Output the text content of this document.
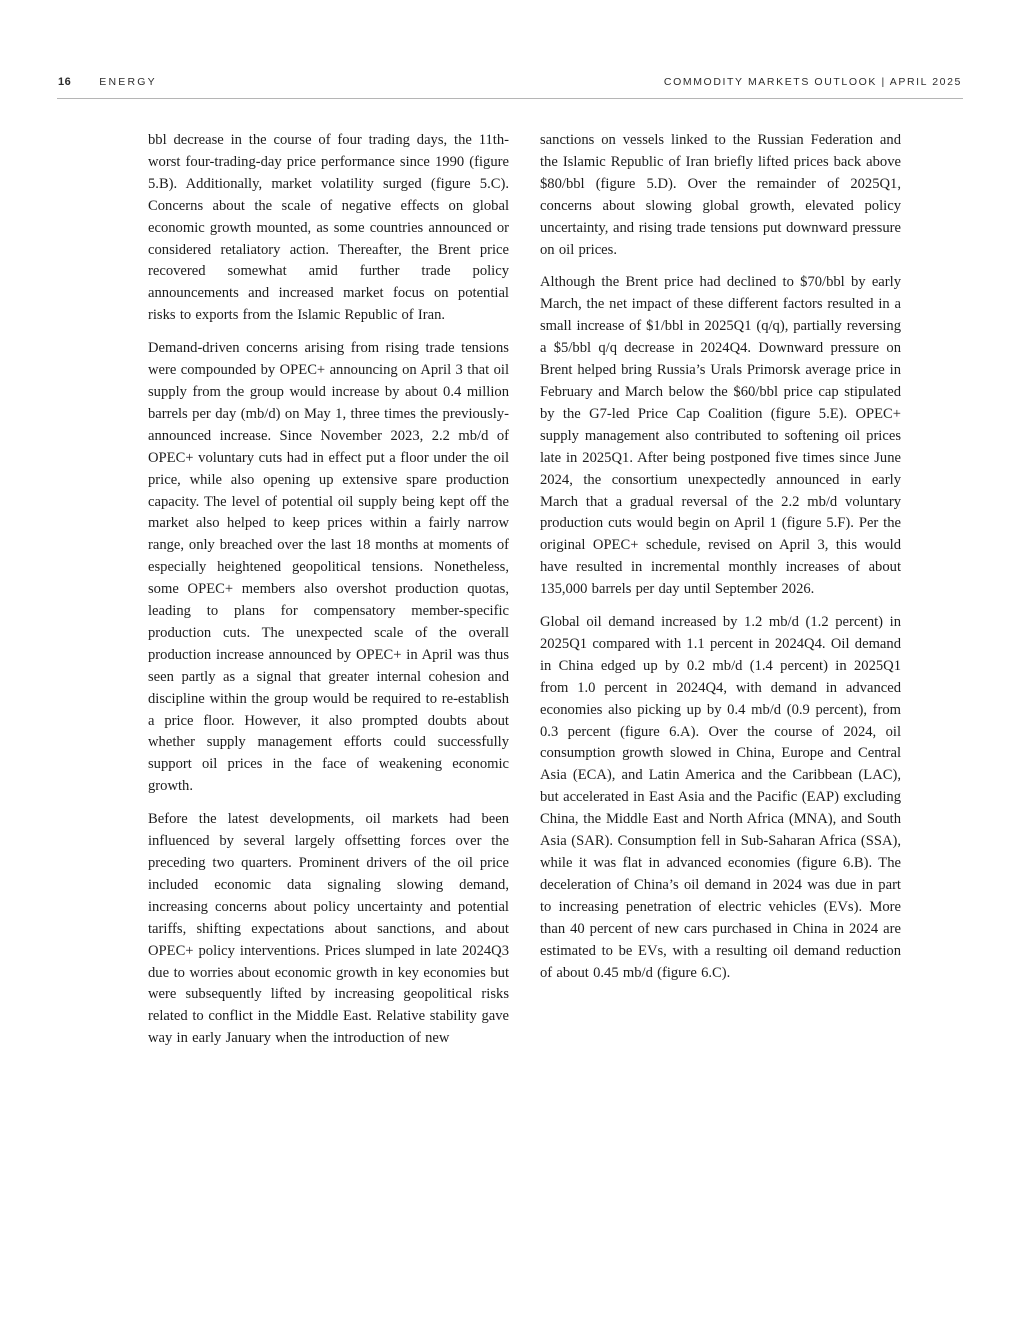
16	ENERGY	COMMODITY MARKETS OUTLOOK | APRIL 2025

bbl decrease in the course of four trading days, the 11th-worst four-trading-day price performance since 1990 (figure 5.B). Additionally, market volatility surged (figure 5.C). Concerns about the scale of negative effects on global economic growth mounted, as some countries announced or considered retaliatory action. Thereafter, the Brent price recovered somewhat amid further trade policy announcements and increased market focus on potential risks to exports from the Islamic Republic of Iran.

Demand-driven concerns arising from rising trade tensions were compounded by OPEC+ announcing on April 3 that oil supply from the group would increase by about 0.4 million barrels per day (mb/d) on May 1, three times the previously-announced increase. Since November 2023, 2.2 mb/d of OPEC+ voluntary cuts had in effect put a floor under the oil price, while also opening up extensive spare production capacity. The level of potential oil supply being kept off the market also helped to keep prices within a fairly narrow range, only breached over the last 18 months at moments of especially heightened geopolitical tensions. Nonetheless, some OPEC+ members also overshot production quotas, leading to plans for compensatory member-specific production cuts. The unexpected scale of the overall production increase announced by OPEC+ in April was thus seen partly as a signal that greater internal cohesion and discipline within the group would be required to re-establish a price floor. However, it also prompted doubts about whether supply management efforts could successfully support oil prices in the face of weakening economic growth.

Before the latest developments, oil markets had been influenced by several largely offsetting forces over the preceding two quarters. Prominent drivers of the oil price included economic data signaling slowing demand, increasing concerns about policy uncertainty and potential tariffs, shifting expectations about sanctions, and about OPEC+ policy interventions. Prices slumped in late 2024Q3 due to worries about economic growth in key economies but were subsequently lifted by increasing geopolitical risks related to conflict in the Middle East. Relative stability gave way in early January when the introduction of new

sanctions on vessels linked to the Russian Federation and the Islamic Republic of Iran briefly lifted prices back above $80/bbl (figure 5.D). Over the remainder of 2025Q1, concerns about slowing global growth, elevated policy uncertainty, and rising trade tensions put downward pressure on oil prices.

Although the Brent price had declined to $70/bbl by early March, the net impact of these different factors resulted in a small increase of $1/bbl in 2025Q1 (q/q), partially reversing a $5/bbl q/q decrease in 2024Q4. Downward pressure on Brent helped bring Russia’s Urals Primorsk average price in February and March below the $60/bbl price cap stipulated by the G7-led Price Cap Coalition (figure 5.E). OPEC+ supply management also contributed to softening oil prices late in 2025Q1. After being postponed five times since June 2024, the consortium unexpectedly announced in early March that a gradual reversal of the 2.2 mb/d voluntary production cuts would begin on April 1 (figure 5.F). Per the original OPEC+ schedule, revised on April 3, this would have resulted in incremental monthly increases of about 135,000 barrels per day until September 2026.

Global oil demand increased by 1.2 mb/d (1.2 percent) in 2025Q1 compared with 1.1 percent in 2024Q4. Oil demand in China edged up by 0.2 mb/d (1.4 percent) in 2025Q1 from 1.0 percent in 2024Q4, with demand in advanced economies also picking up by 0.4 mb/d (0.9 percent), from 0.3 percent (figure 6.A). Over the course of 2024, oil consumption growth slowed in China, Europe and Central Asia (ECA), and Latin America and the Caribbean (LAC), but accelerated in East Asia and the Pacific (EAP) excluding China, the Middle East and North Africa (MNA), and South Asia (SAR). Consumption fell in Sub-Saharan Africa (SSA), while it was flat in advanced economies (figure 6.B). The deceleration of China’s oil demand in 2024 was due in part to increasing penetration of electric vehicles (EVs). More than 40 percent of new cars purchased in China in 2024 are estimated to be EVs, with a resulting oil demand reduction of about 0.45 mb/d (figure 6.C).
